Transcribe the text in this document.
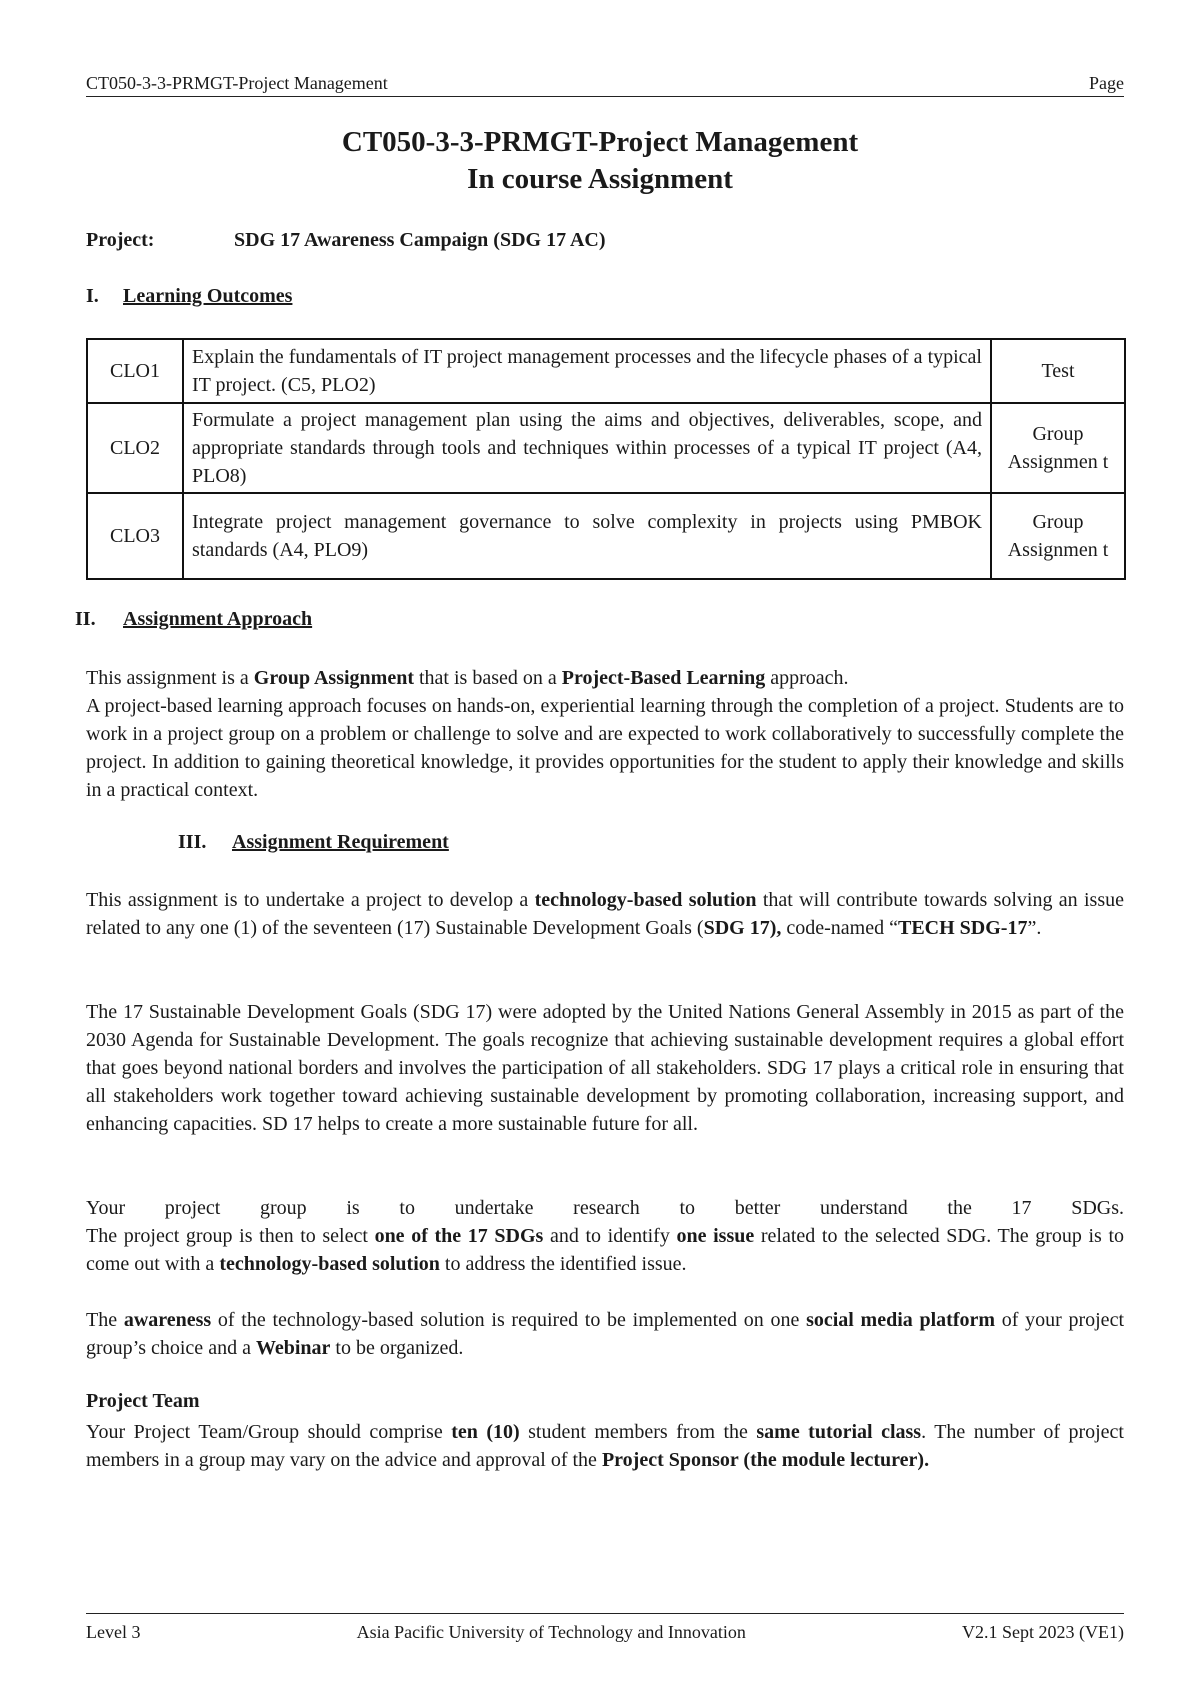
CT050-3-3-PRMGT-Project Management	Page
CT050-3-3-PRMGT-Project Management
In course Assignment
Project:	SDG 17 Awareness Campaign (SDG 17 AC)
I. Learning Outcomes
CLO1	Explain the fundamentals of IT project management processes and the lifecycle phases of a typical IT project. (C5, PLO2)	Test
CLO2	Formulate a project management plan using the aims and objectives, deliverables, scope, and appropriate standards through tools and techniques within processes of a typical IT project (A4, PLO8)	Group Assignmen t
CLO3	Integrate project management governance to solve complexity in projects using PMBOK standards (A4, PLO9)	Group Assignmen t
II. Assignment Approach
This assignment is a Group Assignment that is based on a Project-Based Learning approach.
A project-based learning approach focuses on hands-on, experiential learning through the completion of a project. Students are to work in a project group on a problem or challenge to solve and are expected to work collaboratively to successfully complete the project. In addition to gaining theoretical knowledge, it provides opportunities for the student to apply their knowledge and skills in a practical context.
III. Assignment Requirement
This assignment is to undertake a project to develop a technology-based solution that will contribute towards solving an issue related to any one (1) of the seventeen (17) Sustainable Development Goals (SDG 17), code-named “TECH SDG-17”.
The 17 Sustainable Development Goals (SDG 17) were adopted by the United Nations General Assembly in 2015 as part of the 2030 Agenda for Sustainable Development. The goals recognize that achieving sustainable development requires a global effort that goes beyond national borders and involves the participation of all stakeholders. SDG 17 plays a critical role in ensuring that all stakeholders work together toward achieving sustainable development by promoting collaboration, increasing support, and enhancing capacities. SD 17 helps to create a more sustainable future for all.
Your project group is to undertake research to better understand the 17 SDGs.
The project group is then to select one of the 17 SDGs and to identify one issue related to the selected SDG. The group is to come out with a technology-based solution to address the identified issue.
The awareness of the technology-based solution is required to be implemented on one social media platform of your project group’s choice and a Webinar to be organized.
Project Team
Your Project Team/Group should comprise ten (10) student members from the same tutorial class. The number of project members in a group may vary on the advice and approval of the Project Sponsor (the module lecturer).
Level 3	Asia Pacific University of Technology and Innovation	V2.1 Sept 2023 (VE1)
